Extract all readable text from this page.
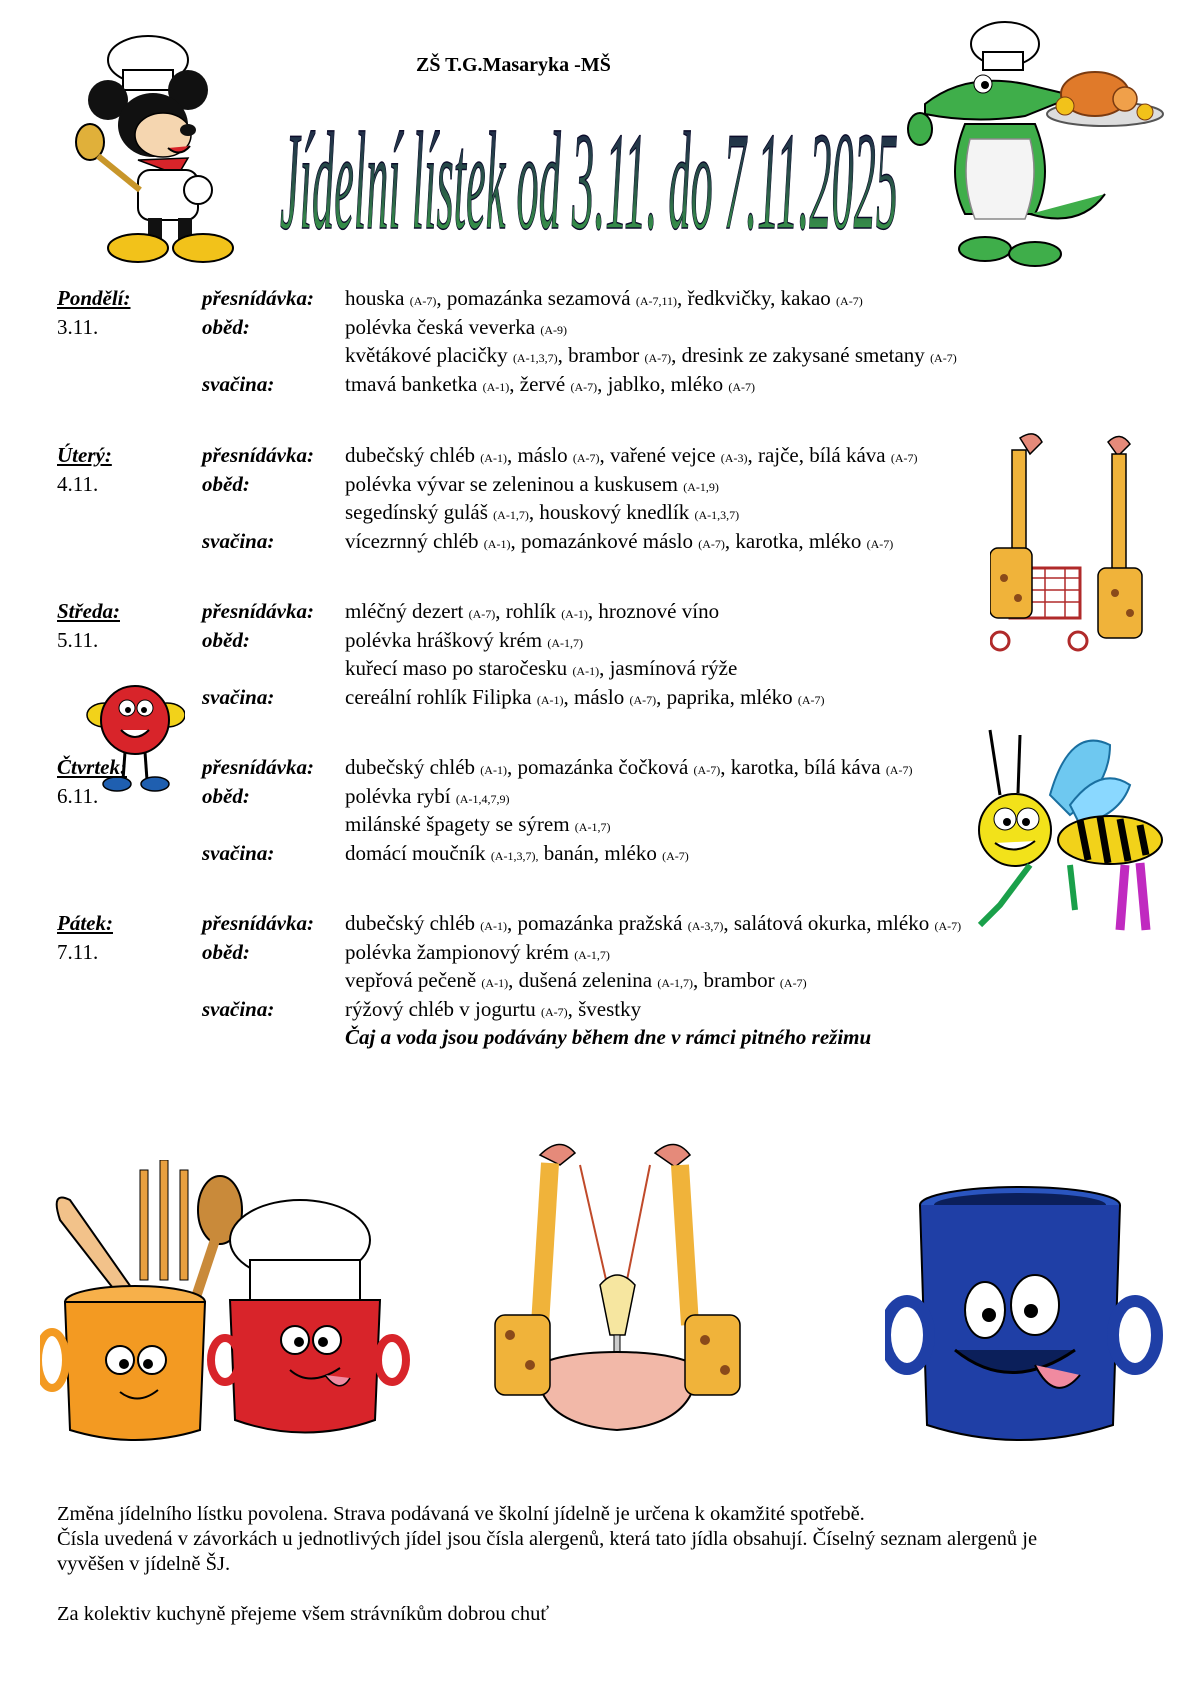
ZŠ T.G.Masaryka -MŠ
Jídelní lístek od 3.11. do 7.11.2025
Pondělí:	přesnídávka: houska (A-7), pomazánka sezamová (A-7,11), ředkvičky, kakao (A-7)
3.11.	oběd:	polévka česká veverka (A-9)
květákové placičky (A-1,3,7), brambor (A-7), dresink ze zakysané smetany (A-7)
svačina:	tmavá banketka (A-1), žervé (A-7), jablko, mléko (A-7)
Úterý:	přesnídávka: dubečský chléb (A-1), máslo (A-7), vařené vejce (A-3), rajče, bílá káva (A-7)
4.11.	oběd:	polévka vývar se zeleninou a kuskusem (A-1,9)
segedínský guláš (A-1,7), houskový knedlík (A-1,3,7)
svačina:	vícezrnný chléb (A-1), pomazánkové máslo (A-7), karotka, mléko (A-7)
Středa:	přesnídávka: mléčný dezert (A-7), rohlík (A-1), hroznové víno
5.11.	oběd:	polévka hráškový krém (A-1,7)
kuřecí maso po staročesku (A-1), jasmínová rýže
svačina:	cereální rohlík Filipka (A-1), máslo (A-7), paprika, mléko (A-7)
Čtvrtek:	přesnídávka: dubečský chléb (A-1), pomazánka čočková (A-7), karotka, bílá káva (A-7)
6.11.	oběd:	polévka rybí (A-1,4,7,9)
milánské špagety se sýrem (A-1,7)
svačina:	domácí moučník (A-1,3,7), banán, mléko (A-7)
Pátek:	přesnídávka: dubečský chléb (A-1), pomazánka pražská (A-3,7), salátová okurka, mléko (A-7)
7.11.	oběd:	polévka žampionový krém (A-1,7)
vepřová pečeně (A-1), dušená zelenina (A-1,7), brambor (A-7)
svačina:	rýžový chléb v jogurtu (A-7), švestky
Čaj a voda jsou podávány během dne v rámci pitného režimu

Změna jídelního lístku povolena. Strava podávaná ve školní jídelně je určena k okamžité spotřebě.

Čísla uvedená v závorkách u jednotlivých jídel jsou čísla alergenů, která tato jídla obsahují. Číselný seznam alergenů je vyvěšen v jídelně ŠJ.

Za kolektiv kuchyně přejeme všem strávníkům dobrou chuť
